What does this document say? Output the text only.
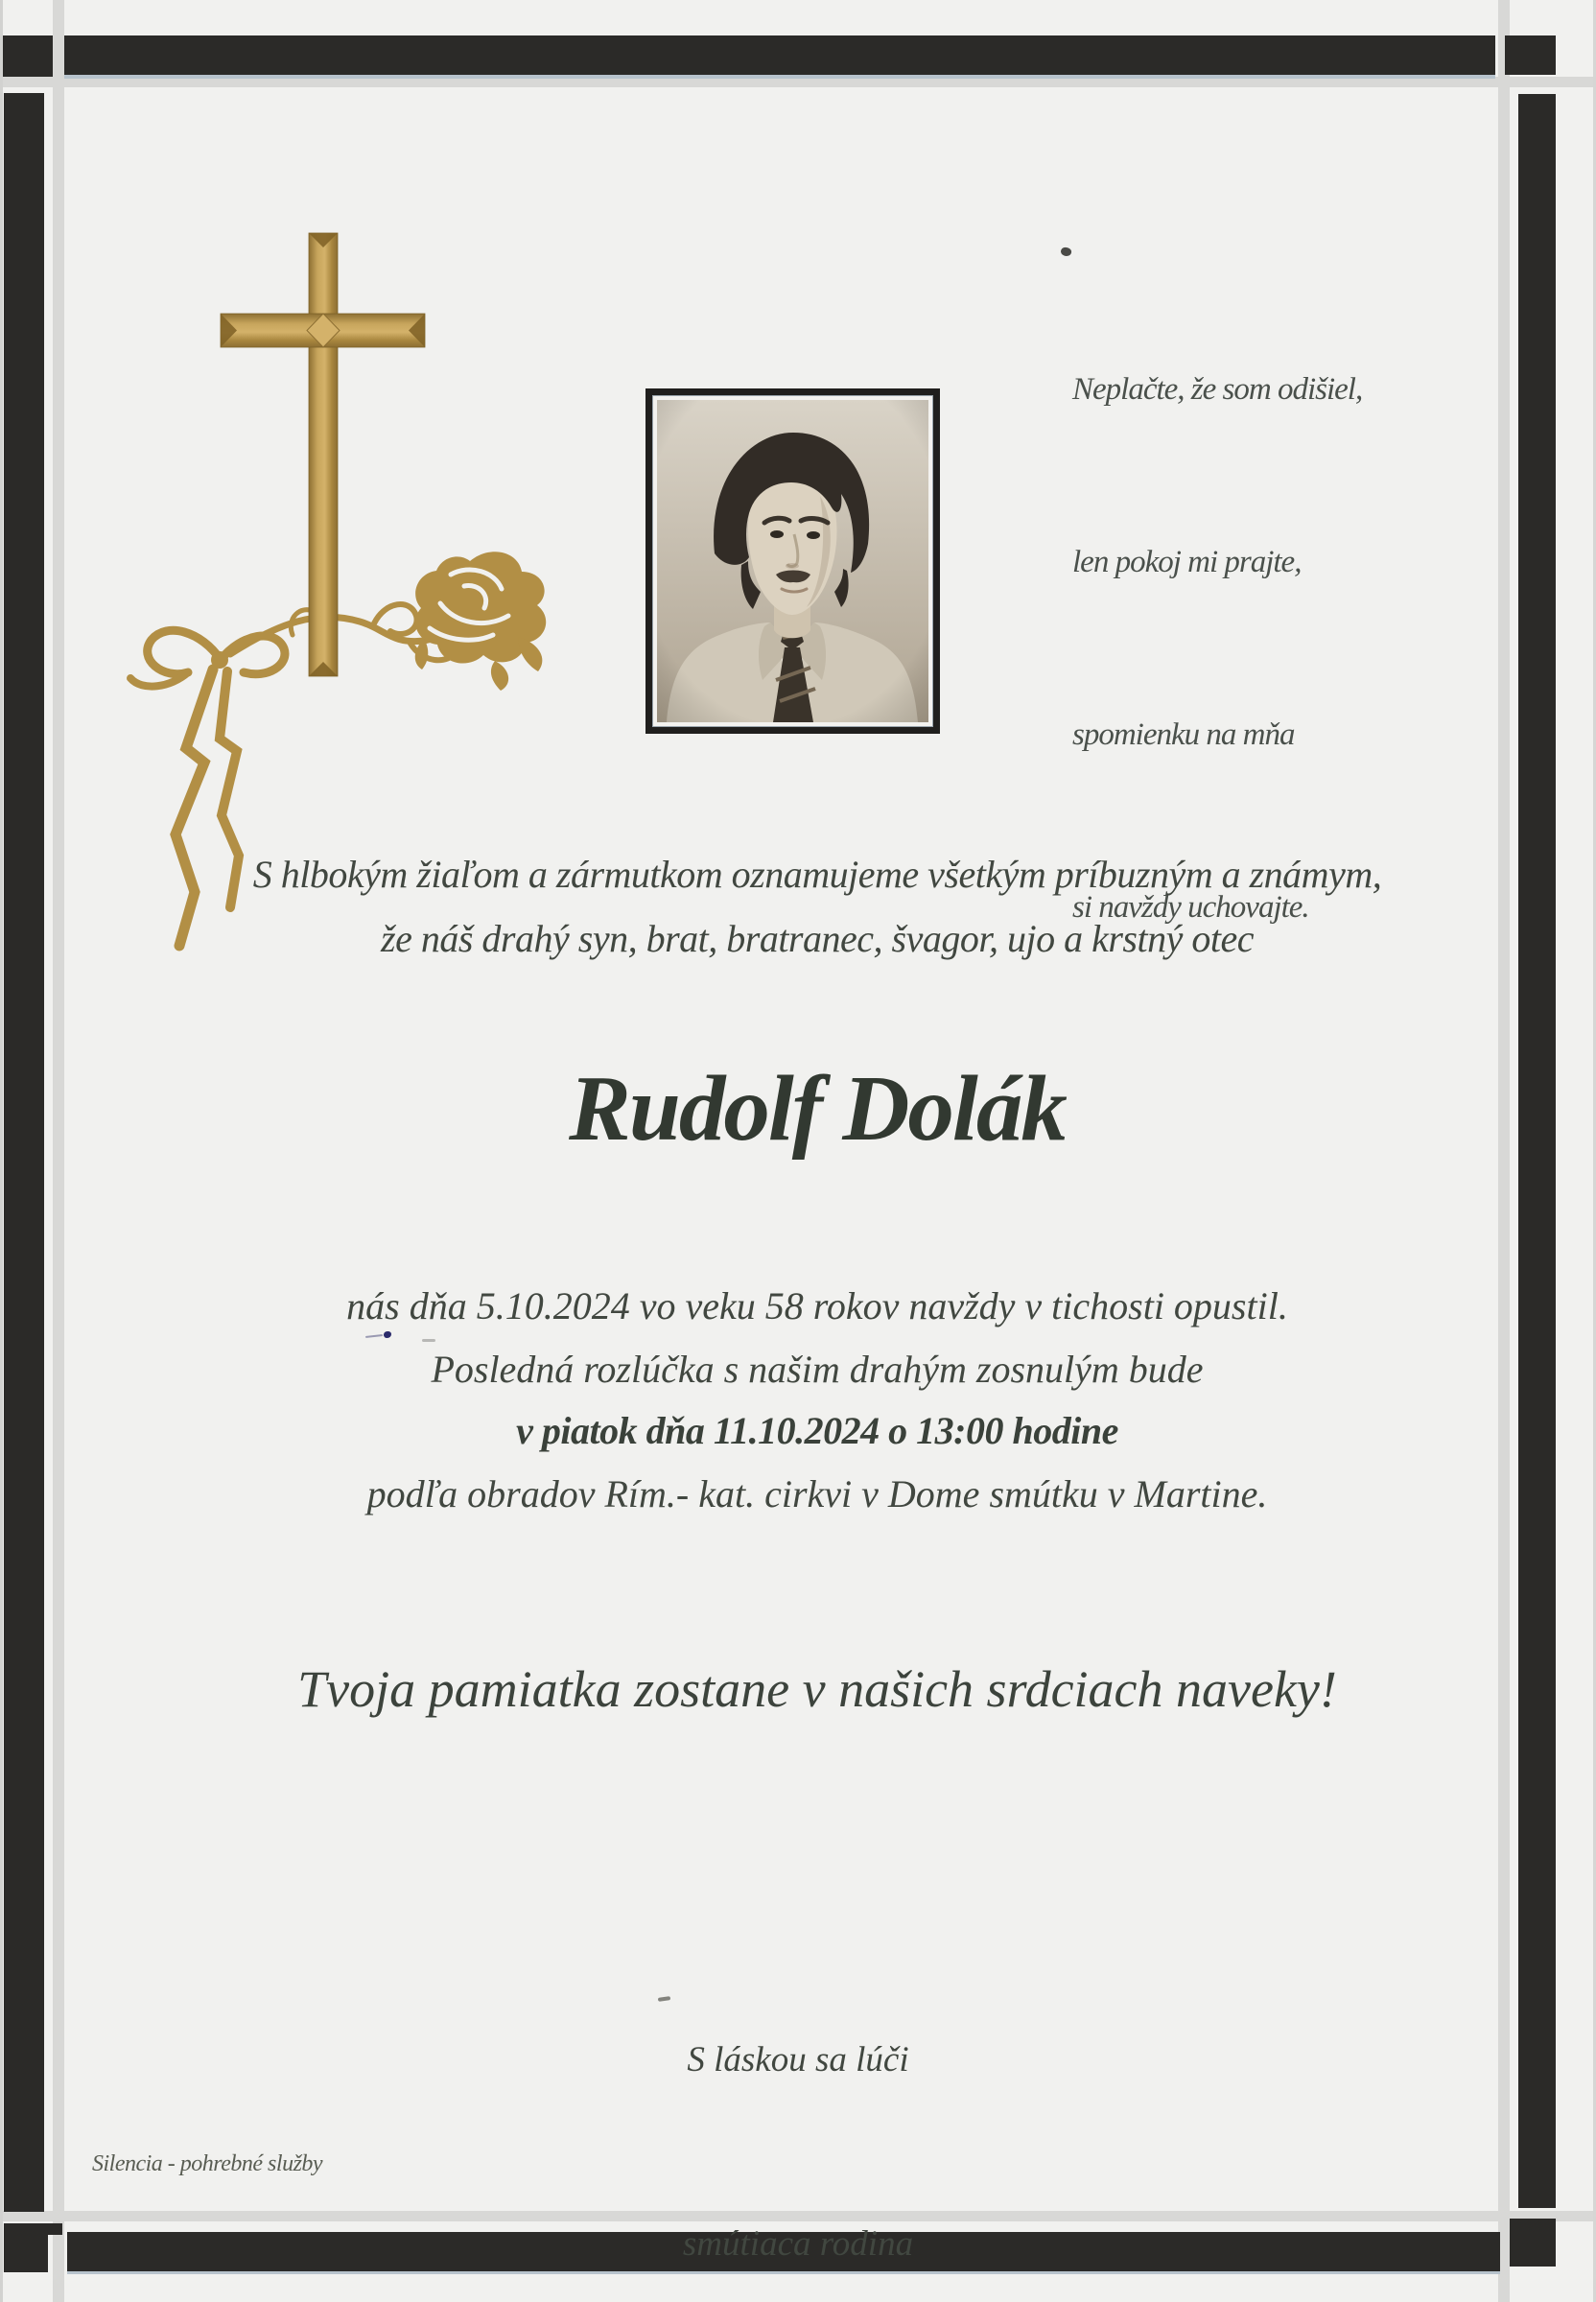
Neplačte, že som odišiel,

len pokoj mi prajte,

spomienku na mňa

si navždy uchovajte.

S hlbokým žiaľom a zármutkom oznamujeme všetkým príbuzným a známym,
že náš drahý syn, brat, bratranec, švagor, ujo a krstný otec
Rudolf Dolák
nás dňa 5.10.2024 vo veku 58 rokov navždy v tichosti opustil.
Posledná rozlúčka s našim drahým zosnulým bude
v piatok dňa 11.10.2024 o 13:00 hodine
podľa obradov Rím.- kat. cirkvi v Dome smútku v Martine.
Tvoja pamiatka zostane v našich srdciach naveky!

S láskou sa lúči

smútiaca rodina

Silencia - pohrebné služby
